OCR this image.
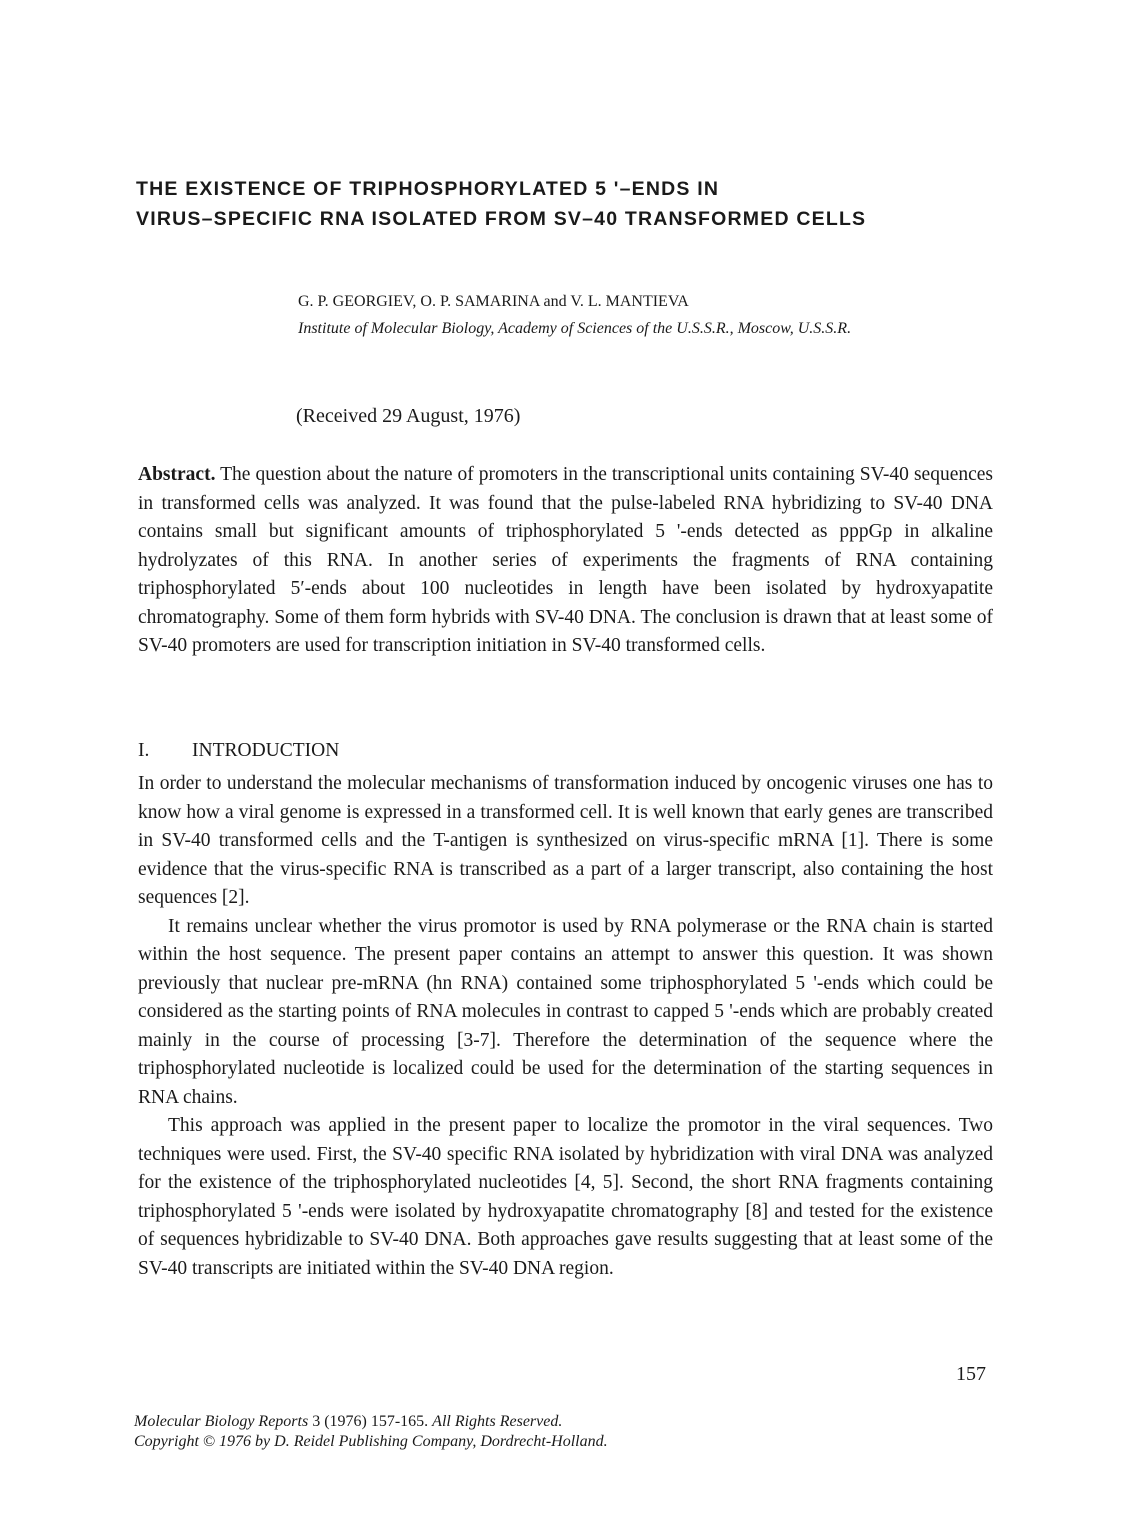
THE EXISTENCE OF TRIPHOSPHORYLATED 5 '–ENDS IN
VIRUS–SPECIFIC RNA ISOLATED FROM SV–40 TRANSFORMED CELLS
G. P. GEORGIEV, O. P. SAMARINA and V. L. MANTIEVA
Institute of Molecular Biology, Academy of Sciences of the U.S.S.R., Moscow, U.S.S.R.
(Received 29 August, 1976)

Abstract. The question about the nature of promoters in the transcriptional units containing SV-40 sequences in transformed cells was analyzed. It was found that the pulse-labeled RNA hybridizing to SV-40 DNA contains small but significant amounts of triphosphorylated 5 '-ends detected as pppGp in alkaline hydrolyzates of this RNA. In another series of experiments the fragments of RNA containing triphosphorylated 5′-ends about 100 nucleotides in length have been isolated by hydroxyapatite chromatography. Some of them form hybrids with SV-40 DNA. The conclusion is drawn that at least some of SV-40 promoters are used for transcription initiation in SV-40 transformed cells.

I. INTRODUCTION

In order to understand the molecular mechanisms of transformation induced by oncogenic viruses one has to know how a viral genome is expressed in a transformed cell. It is well known that early genes are transcribed in SV-40 transformed cells and the T-antigen is synthesized on virus-specific mRNA [1]. There is some evidence that the virus-specific RNA is transcribed as a part of a larger transcript, also containing the host sequences [2].

It remains unclear whether the virus promotor is used by RNA polymerase or the RNA chain is started within the host sequence. The present paper contains an attempt to answer this question. It was shown previously that nuclear pre-mRNA (hn RNA) contained some triphosphorylated 5 '-ends which could be considered as the starting points of RNA molecules in contrast to capped 5 '-ends which are probably created mainly in the course of processing [3-7]. Therefore the determination of the sequence where the triphosphorylated nucleotide is localized could be used for the determination of the starting sequences in RNA chains.

This approach was applied in the present paper to localize the promotor in the viral sequences. Two techniques were used. First, the SV-40 specific RNA isolated by hybridization with viral DNA was analyzed for the existence of the triphosphorylated nucleotides [4, 5]. Second, the short RNA fragments containing triphosphorylated 5 '-ends were isolated by hydroxyapatite chromatography [8] and tested for the existence of sequences hybridizable to SV-40 DNA. Both approaches gave results suggesting that at least some of the SV-40 transcripts are initiated within the SV-40 DNA region.

157
Molecular Biology Reports 3 (1976) 157-165. All Rights Reserved.
Copyright © 1976 by D. Reidel Publishing Company, Dordrecht-Holland.
